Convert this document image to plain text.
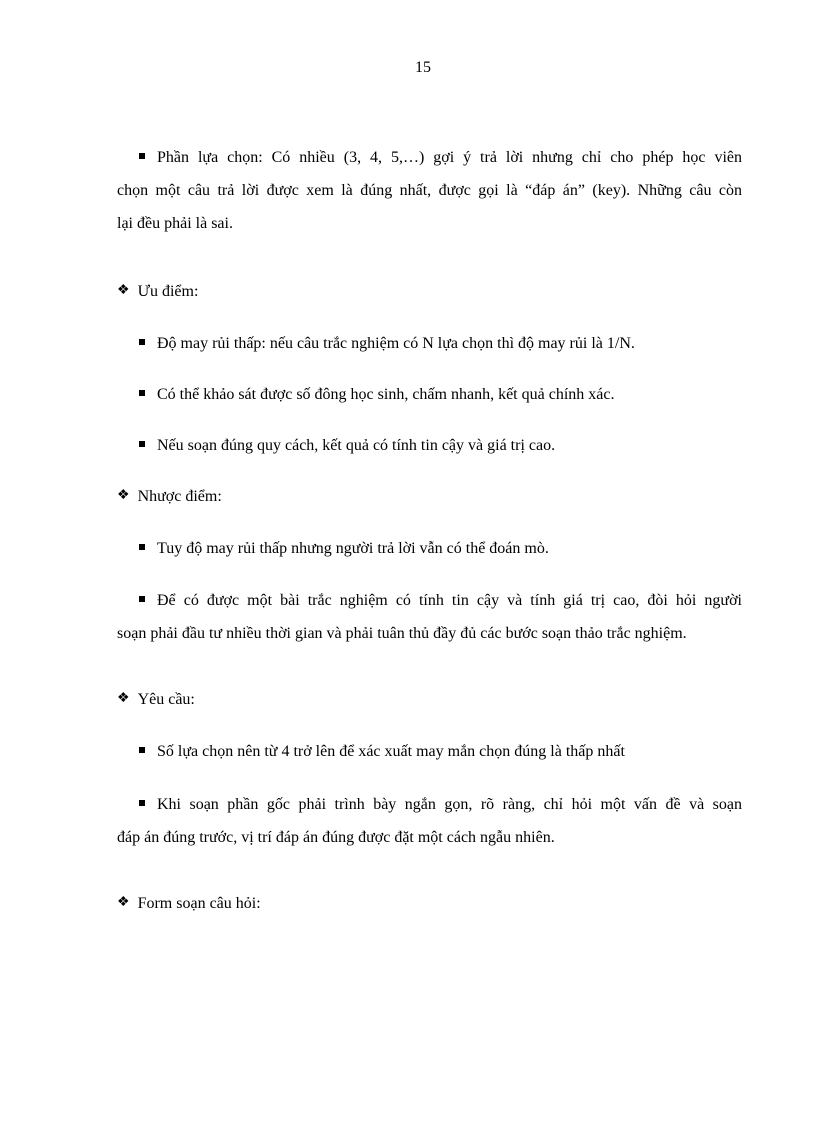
15
Phần lựa chọn: Có nhiều (3, 4, 5,…) gợi ý trả lời nhưng chỉ cho phép học viên
chọn một câu trả lời được xem là đúng nhất, được gọi là “đáp án” (key). Những câu còn
lại đều phải là sai.
❖ Ưu điểm:
Độ may rủi thấp: nếu câu trắc nghiệm có N lựa chọn thì độ may rủi là 1/N.
Có thể khảo sát được số đông học sinh, chấm nhanh, kết quả chính xác.
Nếu soạn đúng quy cách, kết quả có tính tin cậy và giá trị cao.
❖ Nhược điểm:
Tuy độ may rủi thấp nhưng người trả lời vẫn có thể đoán mò.
Để có được một bài trắc nghiệm có tính tin cậy và tính giá trị cao, đòi hỏi người
soạn phải đầu tư nhiều thời gian và phải tuân thủ đầy đủ các bước soạn thảo trắc nghiệm.
❖ Yêu cầu:
Số lựa chọn nên từ 4 trở lên để xác xuất may mắn chọn đúng là thấp nhất
Khi soạn phần gốc phải trình bày ngắn gọn, rõ ràng, chỉ hỏi một vấn đề và soạn
đáp án đúng trước, vị trí đáp án đúng được đặt một cách ngẫu nhiên.
❖ Form soạn câu hỏi:
